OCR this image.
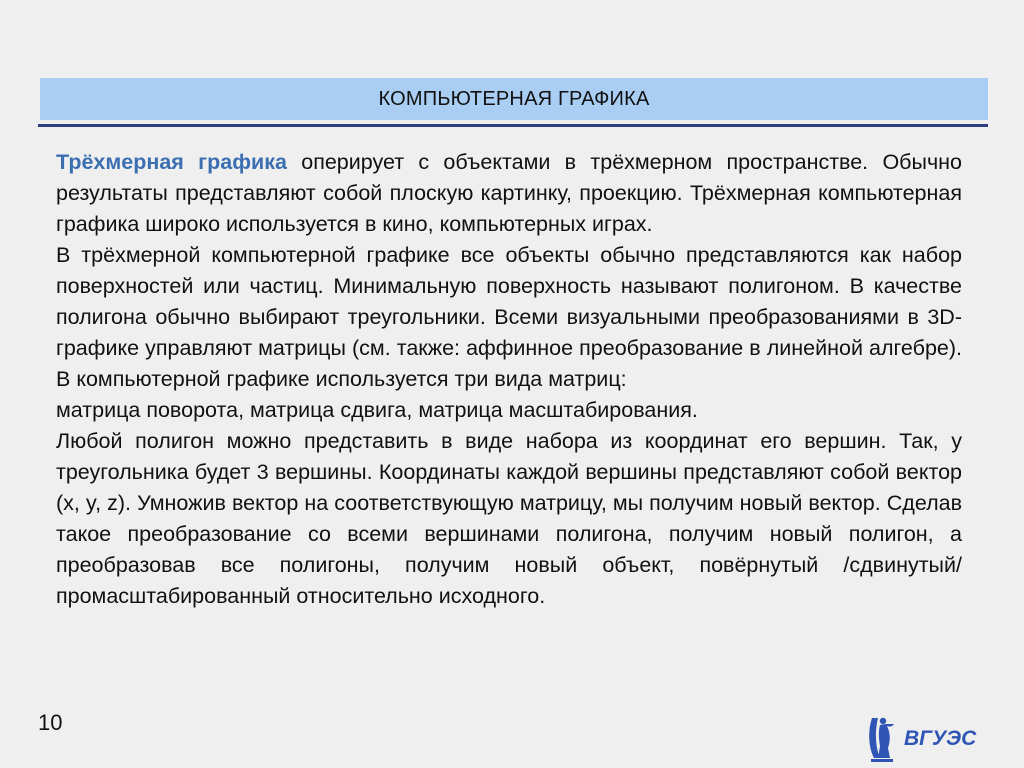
КОМПЬЮТЕРНАЯ ГРАФИКА

Трёхмерная графика оперирует с объектами в трёхмерном пространстве. Обычно результаты представляют собой плоскую картинку, проекцию. Трёхмерная компьютерная графика широко используется в кино, компьютерных играх.

В трёхмерной компьютерной графике все объекты обычно представляются как набор поверхностей или частиц. Минимальную поверхность называют полигоном. В качестве полигона обычно выбирают треугольники. Всеми визуальными преобразованиями в 3D-графике управляют матрицы (см. также: аффинное преобразование в линейной алгебре). В компьютерной графике используется три вида матриц:

матрица поворота, матрица сдвига, матрица масштабирования.

Любой полигон можно представить в виде набора из координат его вершин. Так, у треугольника будет 3 вершины. Координаты каждой вершины представляют собой вектор (x, y, z). Умножив вектор на соответствующую матрицу, мы получим новый вектор. Сделав такое преобразование со всеми вершинами полигона, получим новый полигон, а преобразовав все полигоны, получим новый объект, повёрнутый /сдвинутый/ промасштабированный относительно исходного.

10
ВГУЭС
